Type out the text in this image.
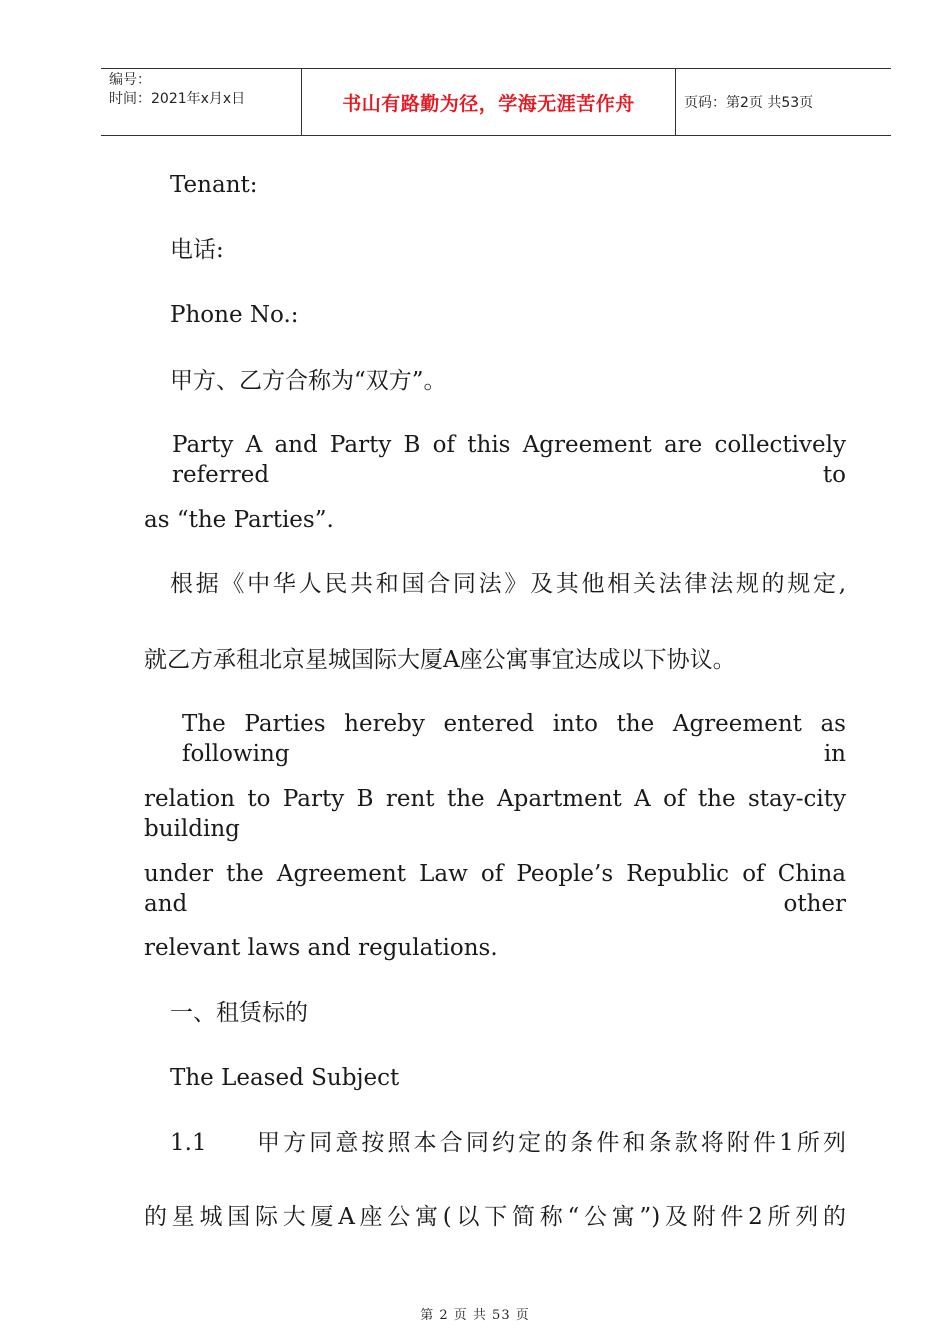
编号：
时间：2021年x月x日	书山有路勤为径，学海无涯苦作舟	页码：第2页 共53页

Tenant:

电话:

Phone No.:

甲方、乙方合称为“双方”。

Party A and Party B of this Agreement are collectively referred to

as “the Parties”.

根据《中华人民共和国合同法》及其他相关法律法规的规定,

就乙方承租北京星城国际大厦A座公寓事宜达成以下协议。

The Parties hereby entered into the Agreement as following in

relation to Party B rent the Apartment A of the stay-city building

under the Agreement Law of People’s Republic of China and other

relevant laws and regulations.

一、租赁标的

The Leased Subject

1.1 甲方同意按照本合同约定的条件和条款将附件1所列

的星城国际大厦A座公寓(以下简称“公寓”)及附件2所列的

第 2 页 共 53 页
